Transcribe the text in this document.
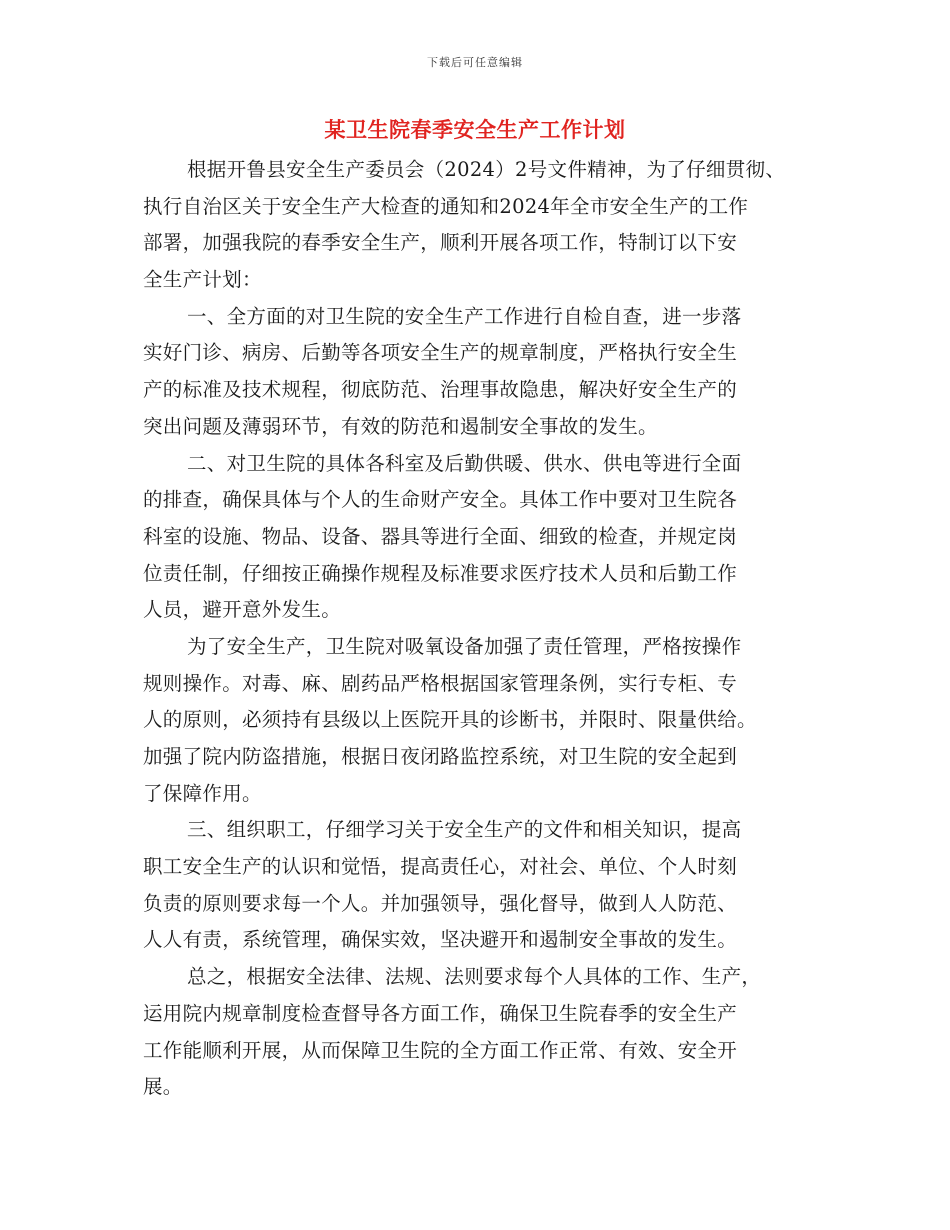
下载后可任意编辑
某卫生院春季安全生产工作计划
根据开鲁县安全生产委员会（2024）2号文件精神，为了仔细贯彻、
执行自治区关于安全生产大检查的通知和2024年全市安全生产的工作
部署，加强我院的春季安全生产，顺利开展各项工作，特制订以下安
全生产计划：
一、全方面的对卫生院的安全生产工作进行自检自查，进一步落
实好门诊、病房、后勤等各项安全生产的规章制度，严格执行安全生
产的标准及技术规程，彻底防范、治理事故隐患，解决好安全生产的
突出问题及薄弱环节，有效的防范和遏制安全事故的发生。
二、对卫生院的具体各科室及后勤供暖、供水、供电等进行全面
的排查，确保具体与个人的生命财产安全。具体工作中要对卫生院各
科室的设施、物品、设备、器具等进行全面、细致的检查，并规定岗
位责任制，仔细按正确操作规程及标准要求医疗技术人员和后勤工作
人员，避开意外发生。
为了安全生产，卫生院对吸氧设备加强了责任管理，严格按操作
规则操作。对毒、麻、剧药品严格根据国家管理条例，实行专柜、专
人的原则，必须持有县级以上医院开具的诊断书，并限时、限量供给。
加强了院内防盗措施，根据日夜闭路监控系统，对卫生院的安全起到
了保障作用。
三、组织职工，仔细学习关于安全生产的文件和相关知识，提高
职工安全生产的认识和觉悟，提高责任心，对社会、单位、个人时刻
负责的原则要求每一个人。并加强领导，强化督导，做到人人防范、
人人有责，系统管理，确保实效，坚决避开和遏制安全事故的发生。
总之，根据安全法律、法规、法则要求每个人具体的工作、生产，
运用院内规章制度检查督导各方面工作，确保卫生院春季的安全生产
工作能顺利开展，从而保障卫生院的全方面工作正常、有效、安全开
展。
